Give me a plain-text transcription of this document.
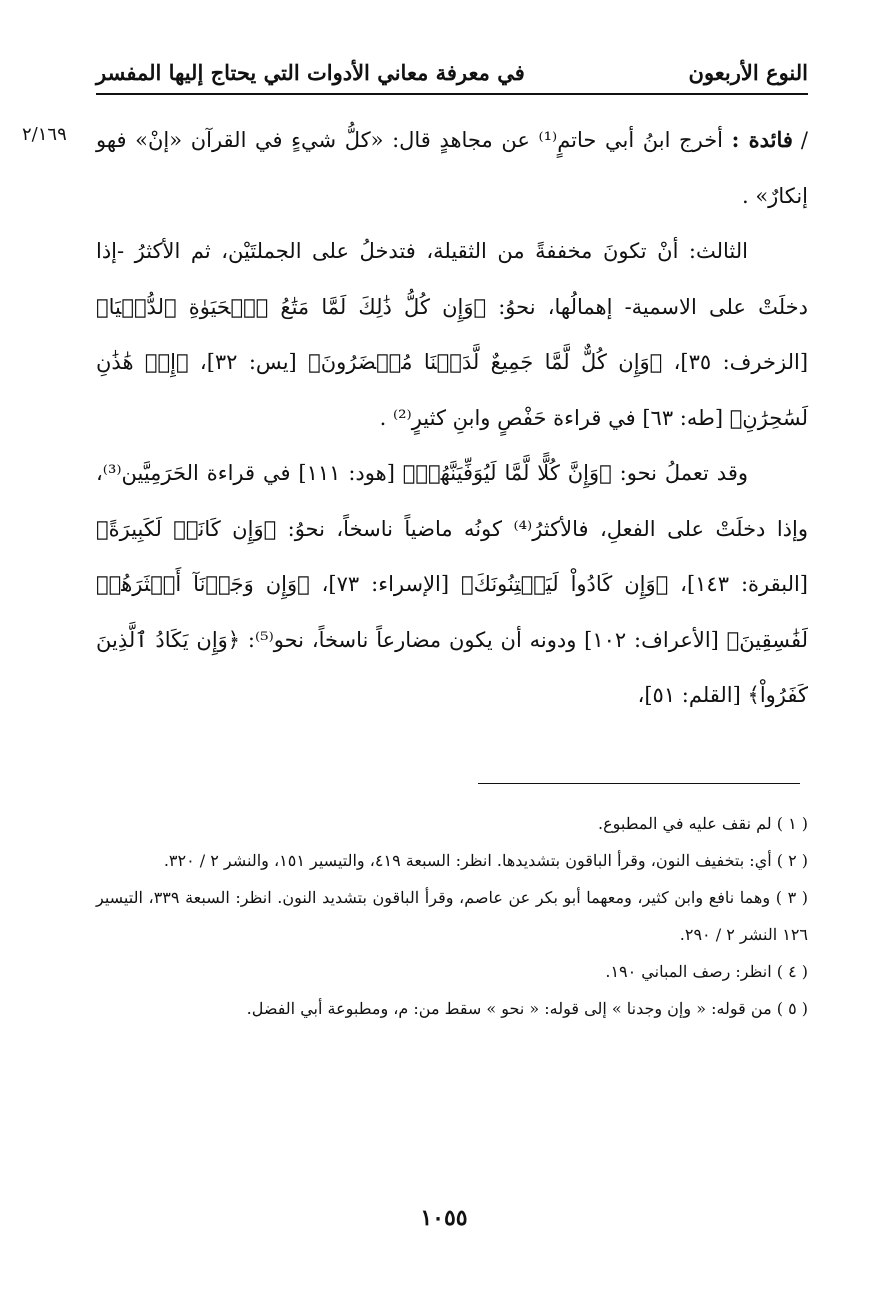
النوع الأربعون
في معرفة معاني الأدوات التي يحتاج إليها المفسر
٢/١٦٩	/فائدة : أخرج ابنُ أبي حاتمٍ⁽¹⁾ عن مجاهدٍ قال: «كلُّ شيءٍ في القرآن «إنْ» فهو إنكارٌ» .

الثالث: أنْ تكونَ مخففةً من الثقيلة، فتدخلُ على الجملتَيْن، ثم الأكثرُ -إذا دخلَتْ على الاسمية- إهمالُها، نحوُ: ﴿وَإِن كُلُّ ذَٰلِكَ لَمَّا مَتَٰعُ ٱلۡحَيَوٰةِ ٱلدُّنۡيَا﴾ [الزخرف: ٣٥]، ﴿وَإِن كُلٌّ لَّمَّا جَمِيعٌ لَّدَيۡنَا مُحۡضَرُونَ﴾ [يس: ٣٢]، ﴿إِنۡ هَٰذَٰنِ لَسَٰحِرَٰنِ﴾ [طه: ٦٣] في قراءة حَفْصٍ وابنِ كثيرٍ⁽²⁾ .

وقد تعملُ نحو: ﴿وَإِنَّ كُلًّا لَّمَّا لَيُوَفِّيَنَّهُمۡ﴾ [هود: ١١١] في قراءة الحَرَمِيَّين⁽³⁾، وإذا دخلَتْ على الفعلِ، فالأكثرُ⁽⁴⁾ كونُه ماضياً ناسخاً، نحوُ: ﴿وَإِن كَانَتۡ لَكَبِيرَةً﴾ [البقرة: ١٤٣]، ﴿وَإِن كَادُواْ لَيَفۡتِنُونَكَ﴾ [الإسراء: ٧٣]، ﴿وَإِن وَجَدۡنَآ أَكۡثَرَهُمۡ لَفَٰسِقِينَ﴾ [الأعراف: ١٠٢] ودونه أن يكون مضارعاً ناسخاً، نحو⁽⁵⁾: ﴿وَإِن يَكَادُ ٱلَّذِينَ كَفَرُواْ﴾ [القلم: ٥١]،

( ١ ) لم نقف عليه في المطبوع.

( ٢ ) أي: بتخفيف النون، وقرأ الباقون بتشديدها. انظر: السبعة ٤١٩، والتيسير ١٥١، والنشر ٢ / ٣٢٠.

( ٣ ) وهما نافع وابن كثير، ومعهما أبو بكر عن عاصم، وقرأ الباقون بتشديد النون. انظر: السبعة ٣٣٩، التيسير ١٢٦ النشر ٢ / ٢٩٠.

( ٤ ) انظر: رصف المباني ١٩٠.

( ٥ ) من قوله: « وإن وجدنا » إلى قوله: « نحو » سقط من: م، ومطبوعة أبي الفضل.

١٠٥٥
